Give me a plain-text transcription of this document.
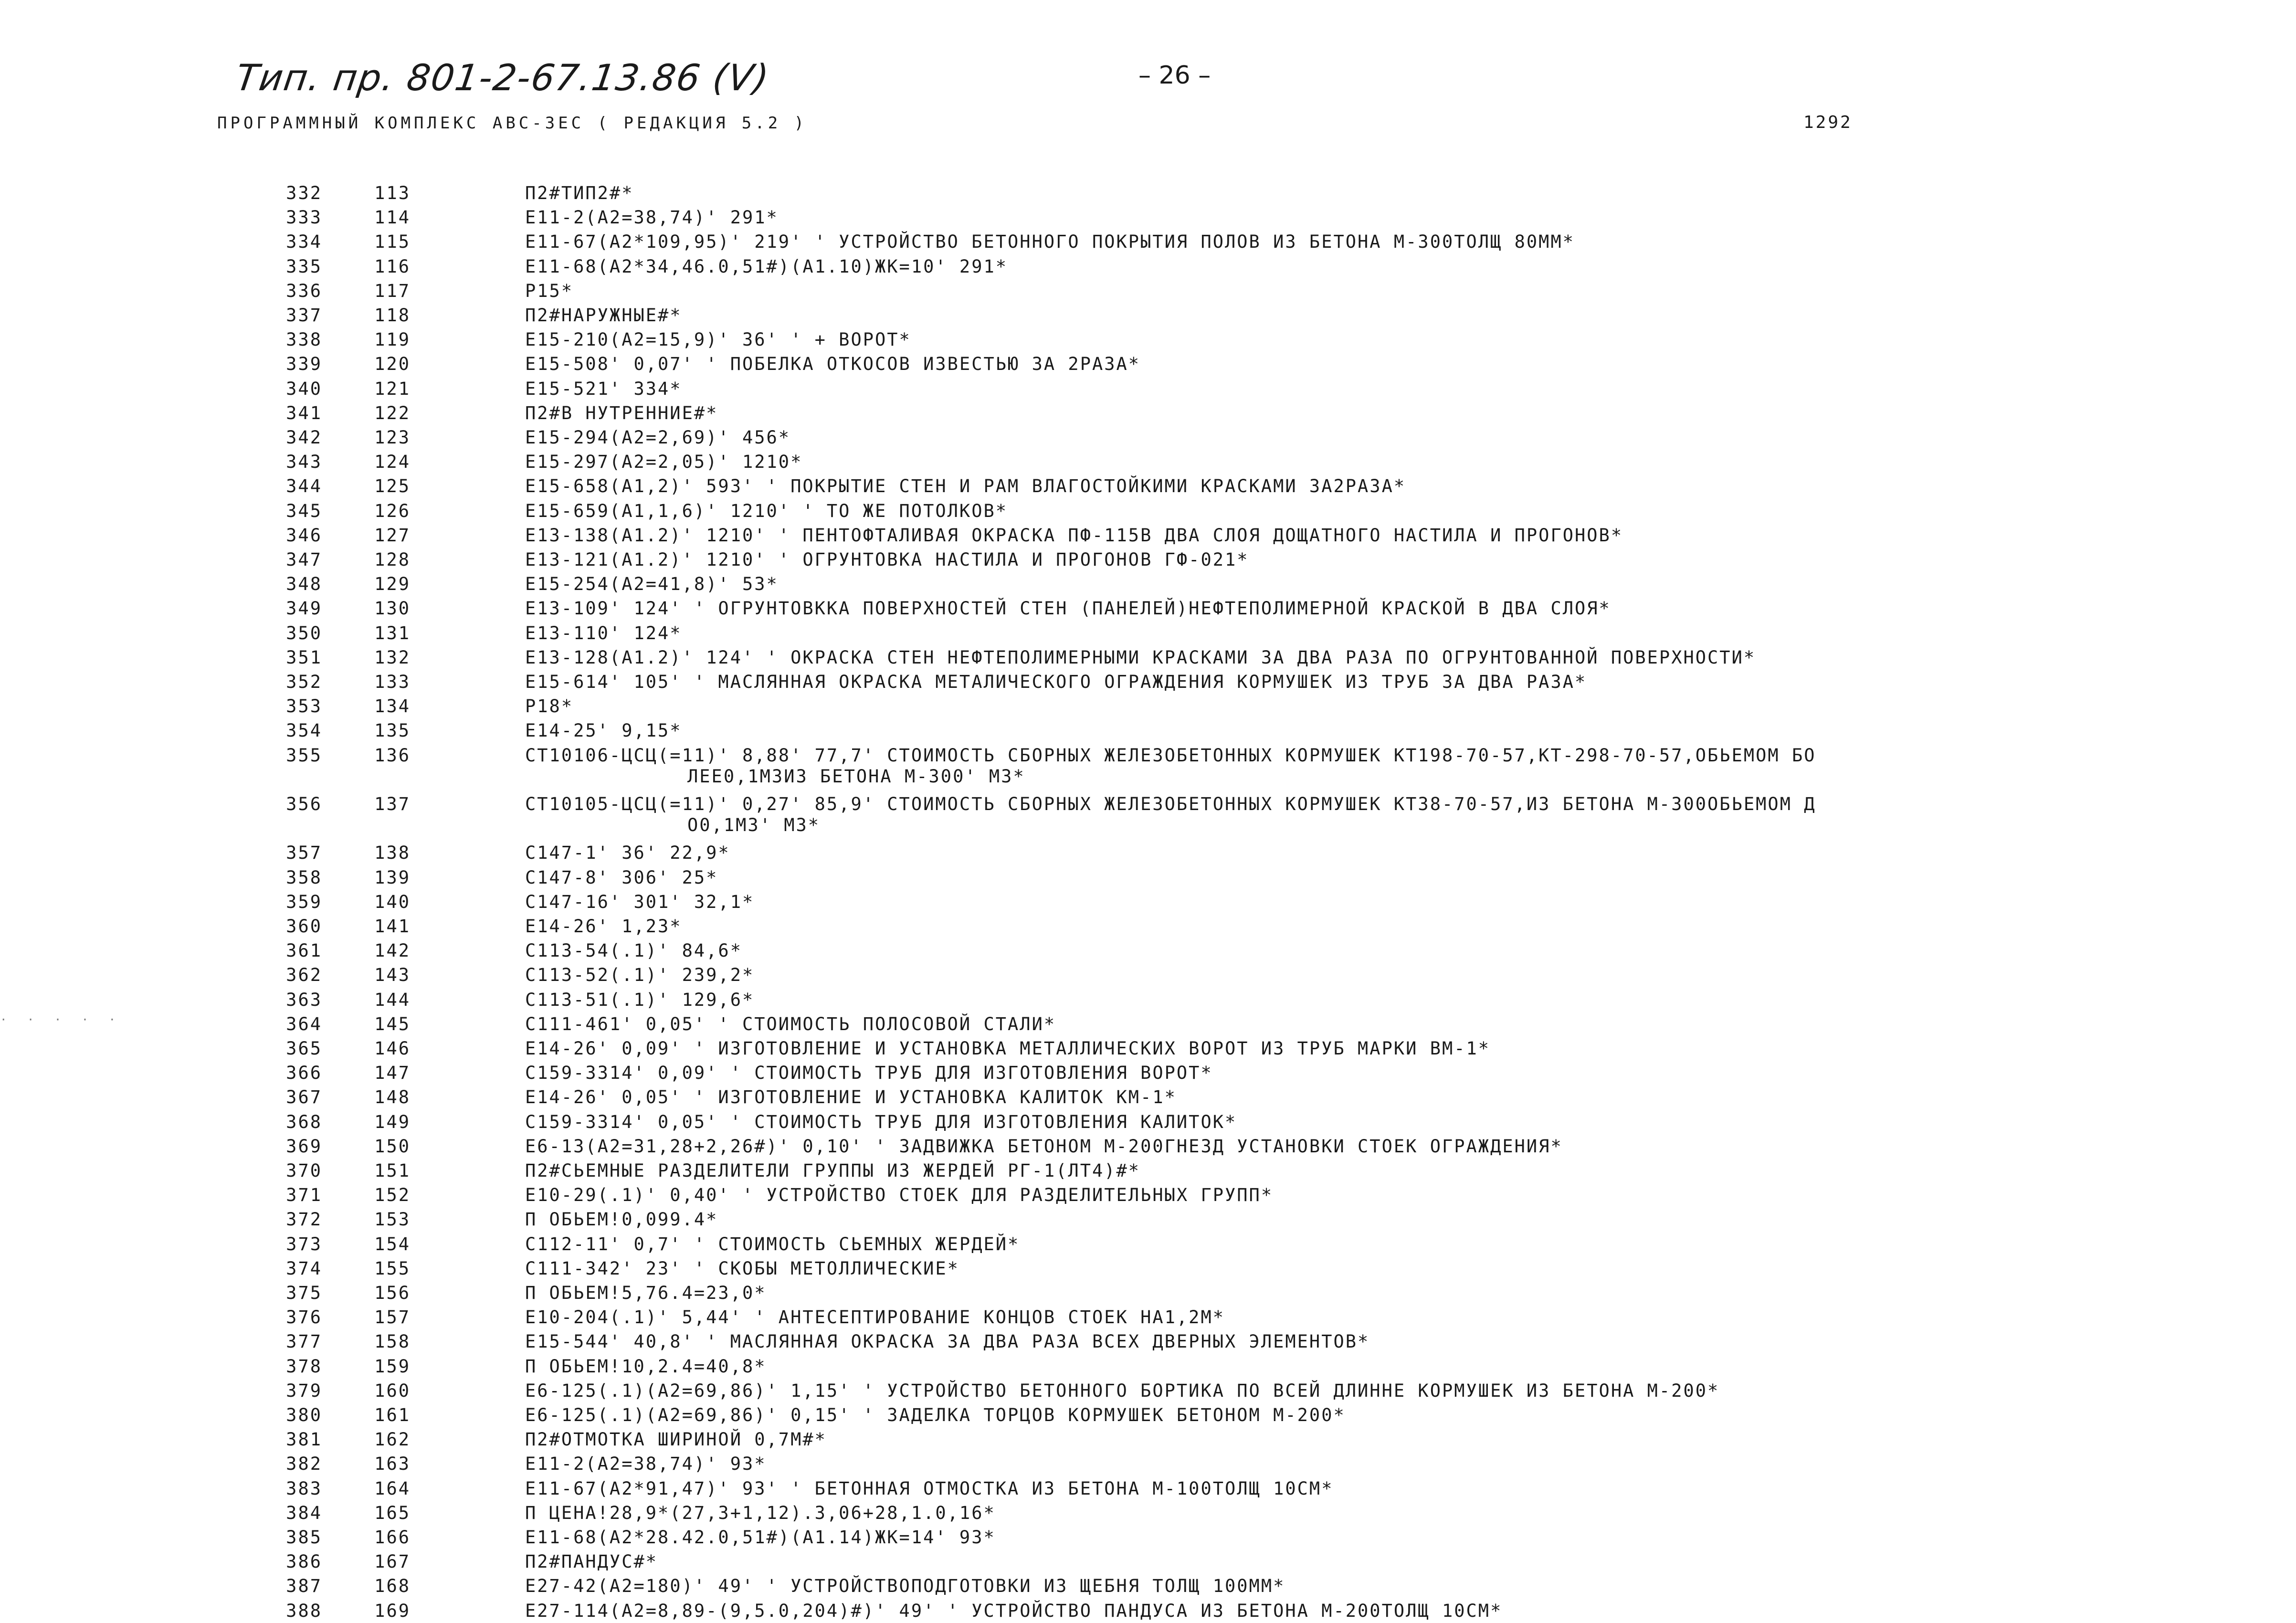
Тип. пр. 801-2-67.13.86 (V)	– 26 –
ПРОГРАММНЫЙ КОМПЛЕКС АВС-3ЕС ( РЕДАКЦИЯ 5.2 )	1292
· · · · ·
332	113	П2#ТИП2#*
333	114	Е11-2(А2=38,74)' 291*
334	115	Е11-67(А2*109,95)' 219' ' УСТРОЙСТВО БЕТОННОГО ПОКРЫТИЯ ПОЛОВ ИЗ БЕТОНА М-300ТОЛЩ 80ММ*
335	116	Е11-68(А2*34,46.0,51#)(А1.10)ЖК=10' 291*
336	117	Р15*
337	118	П2#НАРУЖНЫЕ#*
338	119	Е15-210(А2=15,9)' 36' ' + ВОРОТ*
339	120	Е15-508' 0,07' ' ПОБЕЛКА ОТКОСОВ ИЗВЕСТЬЮ ЗА 2РАЗА*
340	121	Е15-521' 334*
341	122	П2#В НУТРЕННИЕ#*
342	123	Е15-294(А2=2,69)' 456*
343	124	Е15-297(А2=2,05)' 1210*
344	125	Е15-658(А1,2)' 593' ' ПОКРЫТИЕ СТЕН И РАМ ВЛАГОСТОЙКИМИ КРАСКАМИ ЗА2РАЗА*
345	126	Е15-659(А1,1,6)' 1210' ' ТО ЖЕ ПОТОЛКОВ*
346	127	Е13-138(А1.2)' 1210' ' ПЕНТОФТАЛИВАЯ ОКРАСКА ПФ-115В ДВА СЛОЯ ДОЩАТНОГО НАСТИЛА И ПРОГОНОВ*
347	128	Е13-121(А1.2)' 1210' ' ОГРУНТОВКА НАСТИЛА И ПРОГОНОВ ГФ-021*
348	129	Е15-254(А2=41,8)' 53*
349	130	Е13-109' 124' ' ОГРУНТОВККА ПОВЕРХНОСТЕЙ СТЕН (ПАНЕЛЕЙ)НЕФТЕПОЛИМЕРНОЙ КРАСКОЙ В ДВА СЛОЯ*
350	131	Е13-110' 124*
351	132	Е13-128(А1.2)' 124' ' ОКРАСКА СТЕН НЕФТЕПОЛИМЕРНЫМИ КРАСКАМИ ЗА ДВА РАЗА ПО ОГРУНТОВАННОЙ ПОВЕРХНОСТИ*
352	133	Е15-614' 105' ' МАСЛЯННАЯ ОКРАСКА МЕТАЛИЧЕСКОГО ОГРАЖДЕНИЯ КОРМУШЕК ИЗ ТРУБ ЗА ДВА РАЗА*
353	134	Р18*
354	135	Е14-25' 9,15*
355	136	СТ10106-ЦСЦ(=11)' 8,88' 77,7' СТОИМОСТЬ СБОРНЫХ ЖЕЛЕЗОБЕТОННЫХ КОРМУШЕК КТ198-70-57,КТ-298-70-57,ОБЬЕМОМ БО
ЛЕЕ0,1М3ИЗ БЕТОНА М-300' М3*
356	137	СТ10105-ЦСЦ(=11)' 0,27' 85,9' СТОИМОСТЬ СБОРНЫХ ЖЕЛЕЗОБЕТОННЫХ КОРМУШЕК КТ38-70-57,ИЗ БЕТОНА М-300ОБЬЕМОМ Д
О0,1М3' М3*
357	138	С147-1' 36' 22,9*
358	139	С147-8' 306' 25*
359	140	С147-16' 301' 32,1*
360	141	Е14-26' 1,23*
361	142	С113-54(.1)' 84,6*
362	143	С113-52(.1)' 239,2*
363	144	С113-51(.1)' 129,6*
364	145	С111-461' 0,05' ' СТОИМОСТЬ ПОЛОСОВОЙ СТАЛИ*
365	146	Е14-26' 0,09' ' ИЗГОТОВЛЕНИЕ И УСТАНОВКА МЕТАЛЛИЧЕСКИХ ВОРОТ ИЗ ТРУБ МАРКИ ВМ-1*
366	147	С159-3314' 0,09' ' СТОИМОСТЬ ТРУБ ДЛЯ ИЗГОТОВЛЕНИЯ ВОРОТ*
367	148	Е14-26' 0,05' ' ИЗГОТОВЛЕНИЕ И УСТАНОВКА КАЛИТОК КМ-1*
368	149	С159-3314' 0,05' ' СТОИМОСТЬ ТРУБ ДЛЯ ИЗГОТОВЛЕНИЯ КАЛИТОК*
369	150	Е6-13(А2=31,28+2,26#)' 0,10' ' ЗАДВИЖКА БЕТОНОМ М-200ГНЕЗД УСТАНОВКИ СТОЕК ОГРАЖДЕНИЯ*
370	151	П2#СЬЕМНЫЕ РАЗДЕЛИТЕЛИ ГРУППЫ ИЗ ЖЕРДЕЙ РГ-1(ЛТ4)#*
371	152	Е10-29(.1)' 0,40' ' УСТРОЙСТВО СТОЕК ДЛЯ РАЗДЕЛИТЕЛЬНЫХ ГРУПП*
372	153	П ОБЬЕМ!0,099.4*
373	154	С112-11' 0,7' ' СТОИМОСТЬ СЬЕМНЫХ ЖЕРДЕЙ*
374	155	С111-342' 23' ' СКОБЫ МЕТОЛЛИЧЕСКИЕ*
375	156	П ОБЬЕМ!5,76.4=23,0*
376	157	Е10-204(.1)' 5,44' ' АНТЕСЕПТИРОВАНИЕ КОНЦОВ СТОЕК НА1,2М*
377	158	Е15-544' 40,8' ' МАСЛЯННАЯ ОКРАСКА ЗА ДВА РАЗА ВСЕХ ДВЕРНЫХ ЭЛЕМЕНТОВ*
378	159	П ОБЬЕМ!10,2.4=40,8*
379	160	Е6-125(.1)(А2=69,86)' 1,15' ' УСТРОЙСТВО БЕТОННОГО БОРТИКА ПО ВСЕЙ ДЛИННЕ КОРМУШЕК ИЗ БЕТОНА М-200*
380	161	Е6-125(.1)(А2=69,86)' 0,15' ' ЗАДЕЛКА ТОРЦОВ КОРМУШЕК БЕТОНОМ М-200*
381	162	П2#ОТМОТКА ШИРИНОЙ 0,7М#*
382	163	Е11-2(А2=38,74)' 93*
383	164	Е11-67(А2*91,47)' 93' ' БЕТОННАЯ ОТМОСТКА ИЗ БЕТОНА М-100ТОЛЩ 10СМ*
384	165	П ЦЕНА!28,9*(27,3+1,12).3,06+28,1.0,16*
385	166	Е11-68(А2*28.42.0,51#)(А1.14)ЖК=14' 93*
386	167	П2#ПАНДУС#*
387	168	Е27-42(А2=180)' 49' ' УСТРОЙСТВОПОДГОТОВКИ ИЗ ЩЕБНЯ ТОЛЩ 100ММ*
388	169	Е27-114(А2=8,89-(9,5.0,204)#)' 49' ' УСТРОЙСТВО ПАНДУСА ИЗ БЕТОНА М-200ТОЛЩ 10СМ*
